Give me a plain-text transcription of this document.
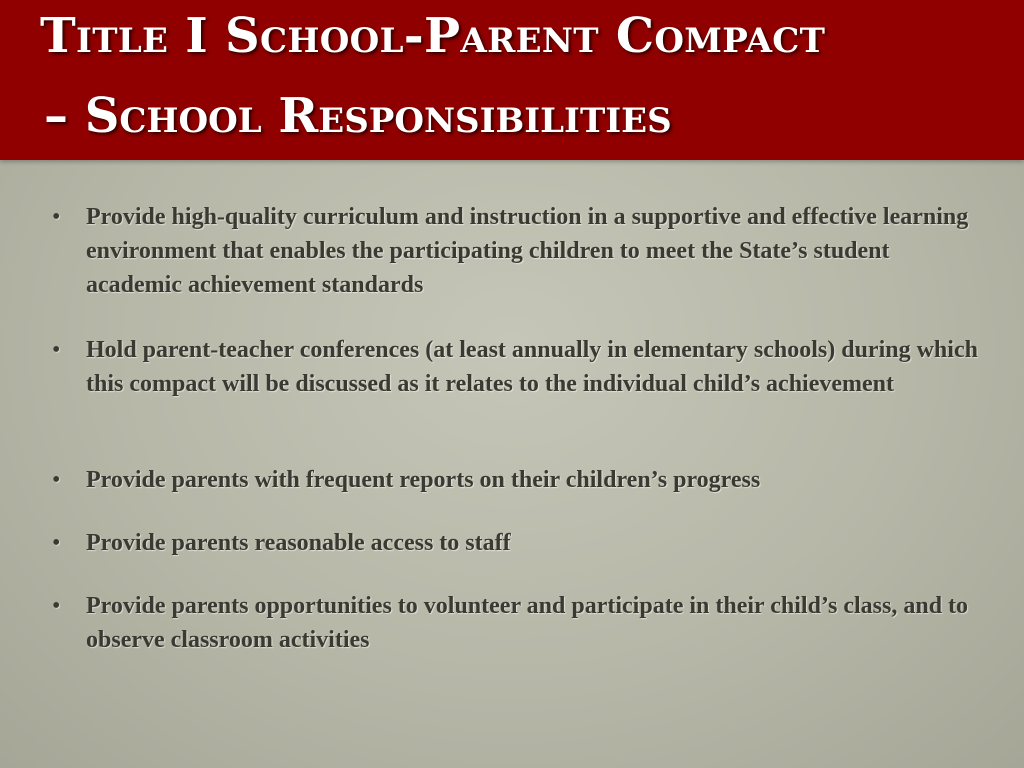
Title I School-Parent Compact
– School Responsibilities
• Provide high-quality curriculum and instruction in a supportive and effective learning environment that enables the participating children to meet the State’s student academic achievement standards

• Hold parent-teacher conferences (at least annually in elementary schools) during which this compact will be discussed as it relates to the individual child’s achievement

• Provide parents with frequent reports on their children’s progress

• Provide parents reasonable access to staff

• Provide parents opportunities to volunteer and participate in their child’s class, and to observe classroom activities
